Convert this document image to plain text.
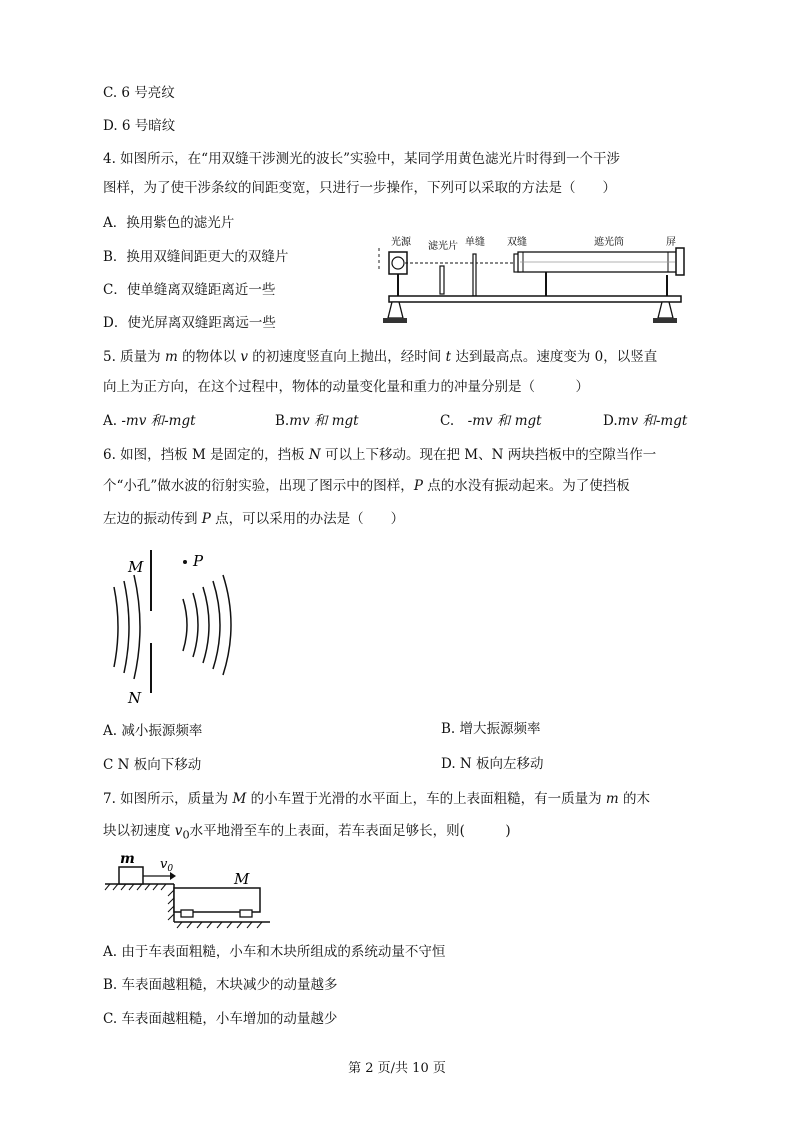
C. 6 号亮纹
D. 6 号暗纹
4. 如图所示，在“用双缝干涉测光的波长”实验中，某同学用黄色滤光片时得到一个干涉
图样，为了使干涉条纹的间距变宽，只进行一步操作，下列可以采取的方法是（　　）
A．换用紫色的滤光片
B．换用双缝间距更大的双缝片
C．使单缝离双缝距离近一些
D．使光屏离双缝距离远一些
光源 滤光片 单缝 双缝	遮光筒	屏
5. 质量为 m 的物体以 v 的初速度竖直向上抛出，经时间 t 达到最高点。速度变为 0，以竖直
向上为正方向，在这个过程中，物体的动量变化量和重力的冲量分别是（　　　）
A. -mv 和-mgt	B.mv 和 mgt	C.　-mv 和 mgt	D.mv 和-mgt
6. 如图，挡板 M 是固定的，挡板 N 可以上下移动。现在把 M、N 两块挡板中的空隙当作一
个“小孔”做水波的衍射实验，出现了图示中的图样，P 点的水没有振动起来。为了使挡板
左边的振动传到 P 点，可以采用的办法是（　　）
M	P
N
A. 减小振源频率	B. 增大振源频率
C N 板向下移动	D. N 板向左移动
7. 如图所示，质量为 M 的小车置于光滑的水平面上，车的上表面粗糙，有一质量为 m 的木
块以初速度 $v_0$水平地滑至车的上表面，若车表面足够长，则(　　　)
m $v_0$
M
A. 由于车表面粗糙，小车和木块所组成的系统动量不守恒
B. 车表面越粗糙，木块减少的动量越多
C. 车表面越粗糙，小车增加的动量越少
第 2 页/共 10 页
